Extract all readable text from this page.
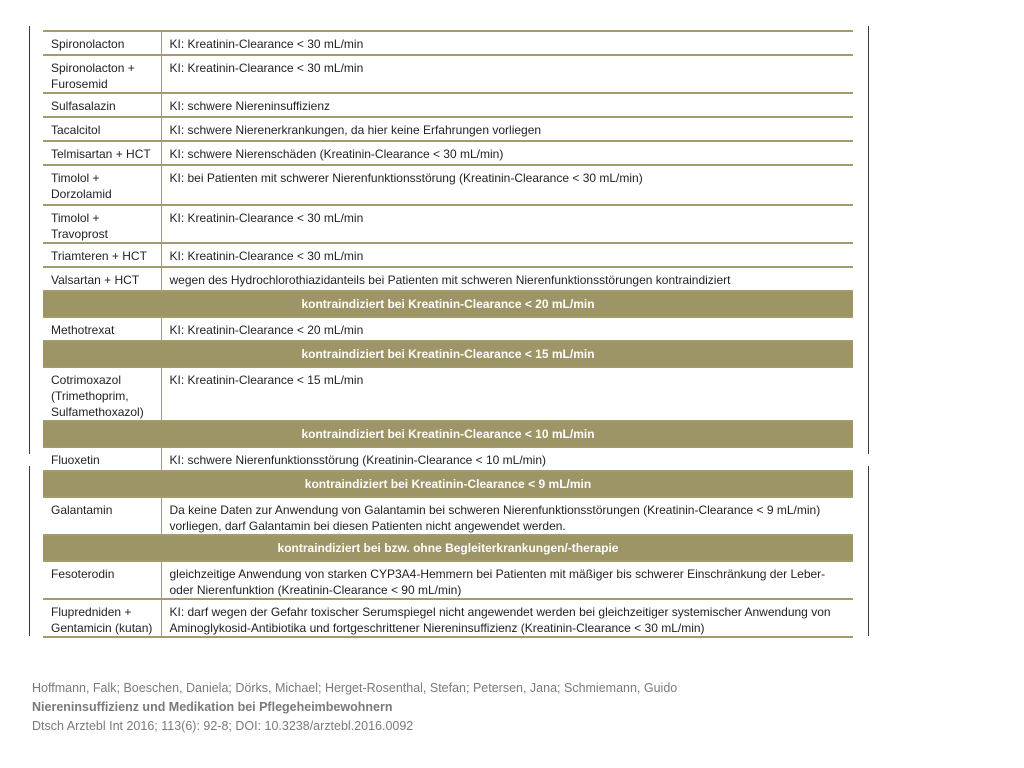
Spironolacton	KI: Kreatinin-Clearance < 30 mL/min
Spironolacton + Furosemid	KI: Kreatinin-Clearance < 30 mL/min
Sulfasalazin	KI: schwere Niereninsuffizienz
Tacalcitol	KI: schwere Nierenerkrankungen, da hier keine Erfahrungen vorliegen
Telmisartan + HCT	KI: schwere Nierenschäden (Kreatinin-Clearance < 30 mL/min)
Timolol + Dorzolamid	KI: bei Patienten mit schwerer Nierenfunktionsstörung (Kreatinin-Clearance < 30 mL/min)
Timolol + Travoprost	KI: Kreatinin-Clearance < 30 mL/min
Triamteren + HCT	KI: Kreatinin-Clearance < 30 mL/min
Valsartan + HCT	wegen des Hydrochlorothiazidanteils bei Patienten mit schweren Nierenfunktionsstörungen kontraindiziert
kontraindiziert bei Kreatinin-Clearance < 20 mL/min	
Methotrexat	KI: Kreatinin-Clearance < 20 mL/min
kontraindiziert bei Kreatinin-Clearance < 15 mL/min	
Cotrimoxazol (Trimethoprim, Sulfamethoxazol)	KI: Kreatinin-Clearance < 15 mL/min
kontraindiziert bei Kreatinin-Clearance < 10 mL/min	
Fluoxetin	KI: schwere Nierenfunktionsstörung (Kreatinin-Clearance < 10 mL/min)
kontraindiziert bei Kreatinin-Clearance < 9 mL/min	
Galantamin	Da keine Daten zur Anwendung von Galantamin bei schweren Nierenfunktionsstörungen (Kreatinin-Clearance < 9 mL/min) vorliegen, darf Galantamin bei diesen Patienten nicht angewendet werden.
kontraindiziert bei bzw. ohne Begleiterkrankungen/-therapie	
Fesoterodin	gleichzeitige Anwendung von starken CYP3A4-Hemmern bei Patienten mit mäßiger bis schwerer Einschränkung der Leber- oder Nierenfunktion (Kreatinin-Clearance < 90 mL/min)
Flupredniden + Gentamicin (kutan)	KI: darf wegen der Gefahr toxischer Serumspiegel nicht angewendet werden bei gleichzeitiger systemischer Anwendung von Aminoglykosid-Antibiotika und fortgeschrittener Niereninsuffizienz (Kreatinin-Clearance < 30 mL/min)
Hoffmann, Falk; Boeschen, Daniela; Dörks, Michael; Herget-Rosenthal, Stefan; Petersen, Jana; Schmiemann, Guido
Niereninsuffizienz und Medikation bei Pflegeheimbewohnern
Dtsch Arztebl Int 2016; 113(6): 92-8; DOI: 10.3238/arztebl.2016.0092
